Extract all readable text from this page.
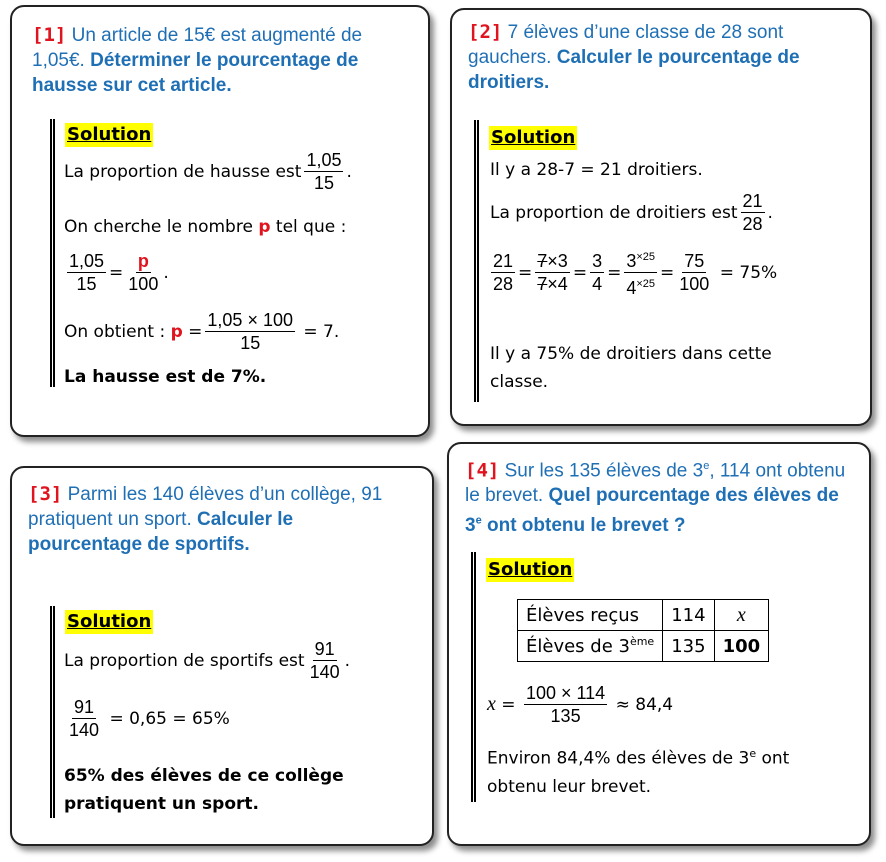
[1] Un article de 15€ est augmenté de 1,05€. Déterminer le pourcentage de hausse sur cet article.
Solution
La proportion de hausse est $\frac{1,05}{15}$ .
On cherche le nombre
p
tel que :
$\frac{1,05}{15} = \frac{p}{100}$ .
On obtient :
p
= $\frac{1,05 \times 100}{15}$
= 7.
La hausse est de 7%.
[2] 7 élèves d’une classe de 28 sont gauchers. Calculer le pourcentage de droitiers.
Solution
Il y a 28-7 = 21 droitiers.
La proportion de droitiers est $\frac{21}{28}$ .
$\frac{21}{28} = \frac{7\times 3}{7\times 4} = \frac{3}{4} = \frac{3^{\times 25}}{4^{\times 25}} = \frac{75}{100}$
= 75%
Il y a 75% de droitiers dans cette classe.
[3] Parmi les 140 élèves d’un collège, 91 pratiquent un sport. Calculer le pourcentage de sportifs.
Solution
La proportion de sportifs est $\frac{91}{140}$ .
$\frac{91}{140}$
= 0,65 = 65%
65% des élèves de ce collège pratiquent un sport.
[4] Sur les 135 élèves de 3e, 114 ont obtenu le brevet. Quel pourcentage des élèves de 3e ont obtenu le brevet ?
Solution
Élèves reçus	114	x
Élèves de 3ème	135	100
x
=
$\frac{100 \times 114}{135}$
≈ 84,4
Environ 84,4% des élèves de 3e ont obtenu leur brevet.
